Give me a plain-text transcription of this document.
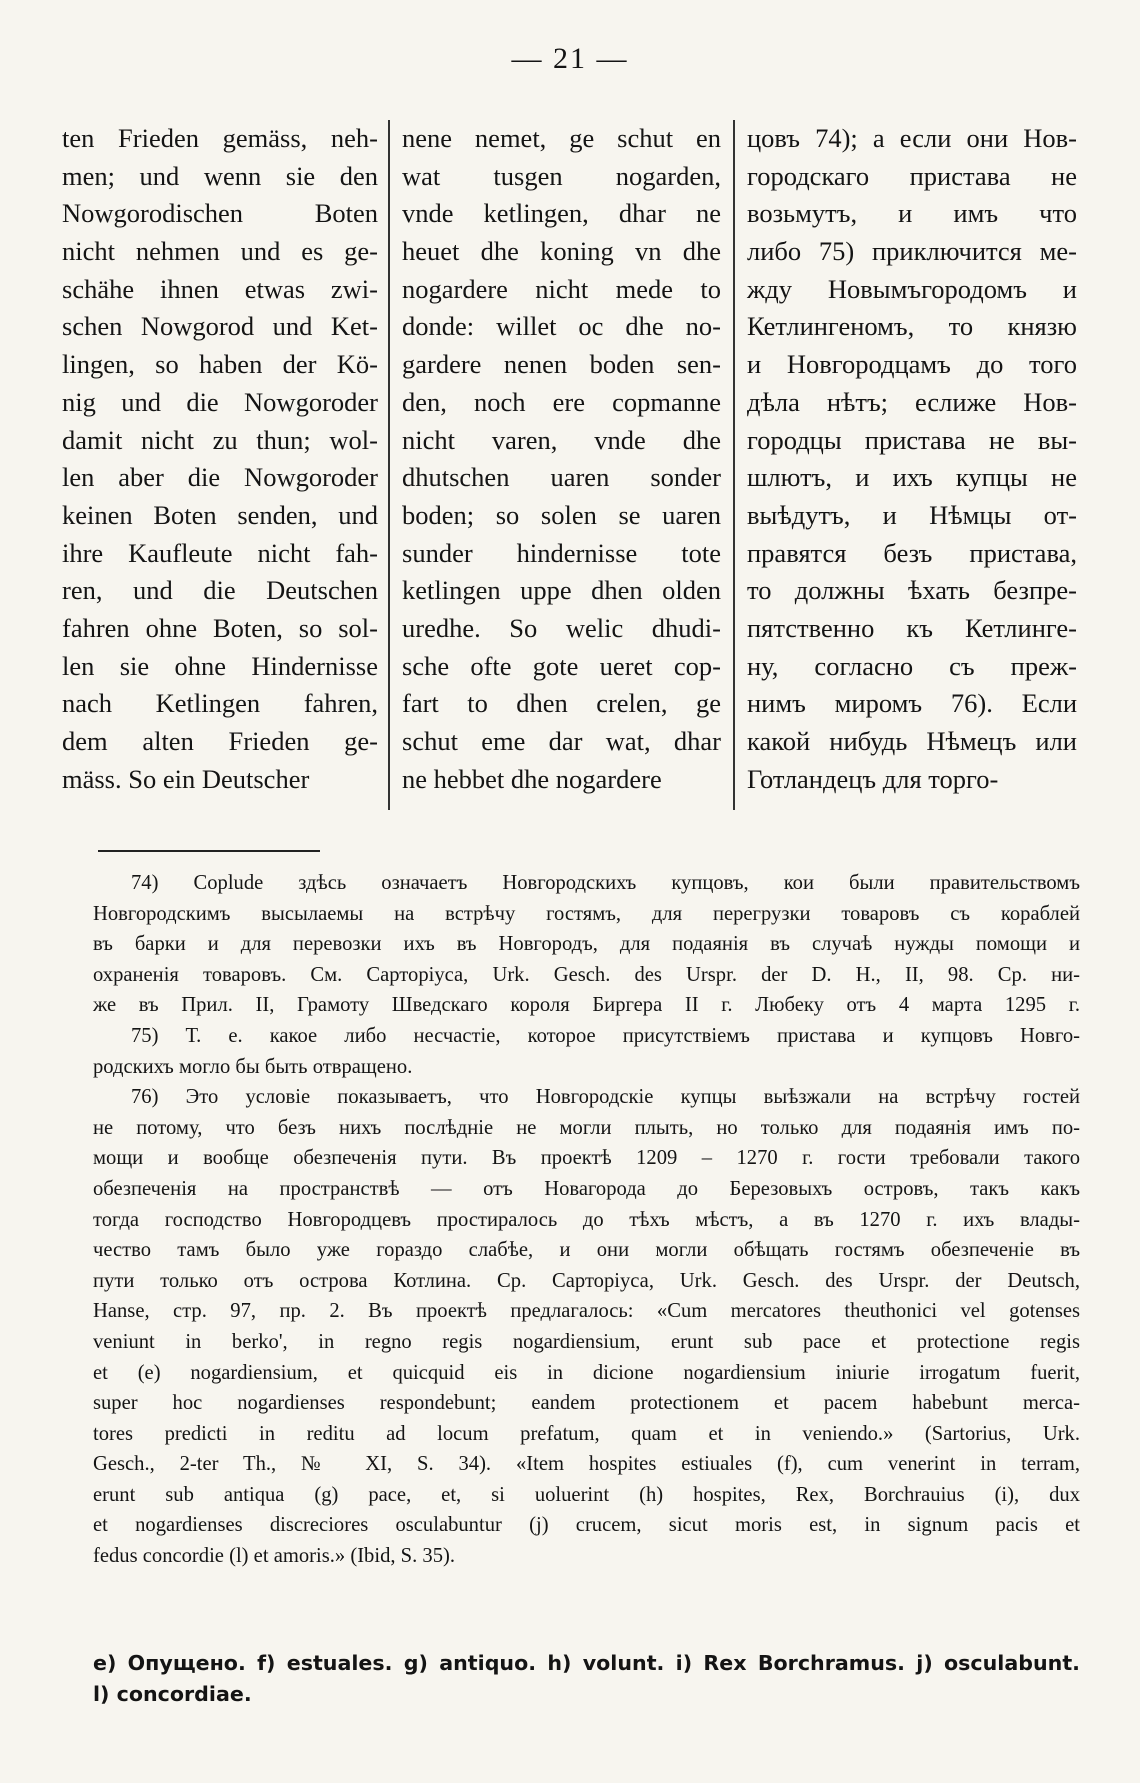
— 21 —
ten Frieden gemäss, neh-
men; und wenn sie den
Nowgorodischen Boten
nicht nehmen und es ge-
schähe ihnen etwas zwi-
schen Nowgorod und Ket-
lingen, so haben der Kö-
nig und die Nowgoroder
damit nicht zu thun; wol-
len aber die Nowgoroder
keinen Boten senden, und
ihre Kaufleute nicht fah-
ren, und die Deutschen
fahren ohne Boten, so sol-
len sie ohne Hindernisse
nach Ketlingen fahren,
dem alten Frieden ge-
mäss. So ein Deutscher
nene nemet, ge schut en
wat tusgen nogarden,
vnde ketlingen, dhar ne
heuet dhe koning vn dhe
nogardere nicht mede to
donde: willet oc dhe no-
gardere nenen boden sen-
den, noch ere copmanne
nicht varen, vnde dhe
dhutschen uaren sonder
boden; so solen se uaren
sunder hindernisse tote
ketlingen uppe dhen olden
uredhe. So welic dhudi-
sche ofte gote ueret cop-
fart to dhen crelen, ge
schut eme dar wat, dhar
ne hebbet dhe nogardere
цовъ 74); а если они Нов-
городскаго пристава не
возьмутъ, и имъ что
либо 75) приключится ме-
жду Новымъгородомъ и
Кетлингеномъ, то князю
и Новгородцамъ до того
дѣла нѣтъ; еслиже Нов-
городцы пристава не вы-
шлютъ, и ихъ купцы не
выѣдутъ, и Нѣмцы от-
правятся безъ пристава,
то должны ѣхать безпре-
пятственно къ Кетлинге-
ну, согласно съ преж-
нимъ миромъ 76). Если
какой нибудь Нѣмецъ или
Готландецъ для торго-
74) Coplude здѣсь означаетъ Новгородскихъ купцовъ, кои были правительствомъ
Новгородскимъ высылаемы на встрѣчу гостямъ, для перегрузки товаровъ съ кораблей
въ барки и для перевозки ихъ въ Новгородъ, для подаянія въ случаѣ нужды помощи и
охраненія товаровъ. См. Сарторіуса, Urk. Gesch. des Urspr. der D. H., II, 98. Ср. ни-
же въ Прил. II, Грамоту Шведскаго короля Биргера II г. Любеку отъ 4 марта 1295 г.
75) Т. е. какое либо несчастіе, которое присутствіемъ пристава и купцовъ Новго-
родскихъ могло бы быть отвращено.
76) Это условіе показываетъ, что Новгородскіе купцы выѣзжали на встрѣчу гостей
не потому, что безъ нихъ послѣдніе не могли плыть, но только для подаянія имъ по-
мощи и вообще обезпеченія пути. Въ проектѣ 1209 – 1270 г. гости требовали такого
обезпеченія на пространствѣ — отъ Новагорода до Березовыхъ островъ, такъ какъ
тогда господство Новгородцевъ простиралось до тѣхъ мѣстъ, а въ 1270 г. ихъ влады-
чество тамъ было уже гораздо слабѣе, и они могли обѣщать гостямъ обезпеченіе въ
пути только отъ острова Котлина. Ср. Сарторіуса, Urk. Gesch. des Urspr. der Deutsch,
Hanse, стр. 97, пр. 2. Въ проектѣ предлагалось: «Cum mercatores theuthonici vel gotenses
veniunt in berko', in regno regis nogardiensium, erunt sub pace et protectione regis
et (e) nogardiensium, et quicquid eis in dicione nogardiensium iniurie irrogatum fuerit,
super hoc nogardienses respondebunt; eandem protectionem et pacem habebunt merca-
tores predicti in reditu ad locum prefatum, quam et in veniendo.» (Sartorius, Urk.
Gesch., 2-ter Th., № XI, S. 34). «Item hospites estiuales (f), cum venerint in terram,
erunt sub antiqua (g) pace, et, si uoluerint (h) hospites, Rex, Borchrauius (i), dux
et nogardienses discreciores osculabuntur (j) crucem, sicut moris est, in signum pacis et
fedus concordie (l) et amoris.» (Ibid, S. 35).
e) Опущено. f) estuales. g) antiquo. h) volunt. i) Rex Borchramus. j) osculabunt.
l) concordiae.
